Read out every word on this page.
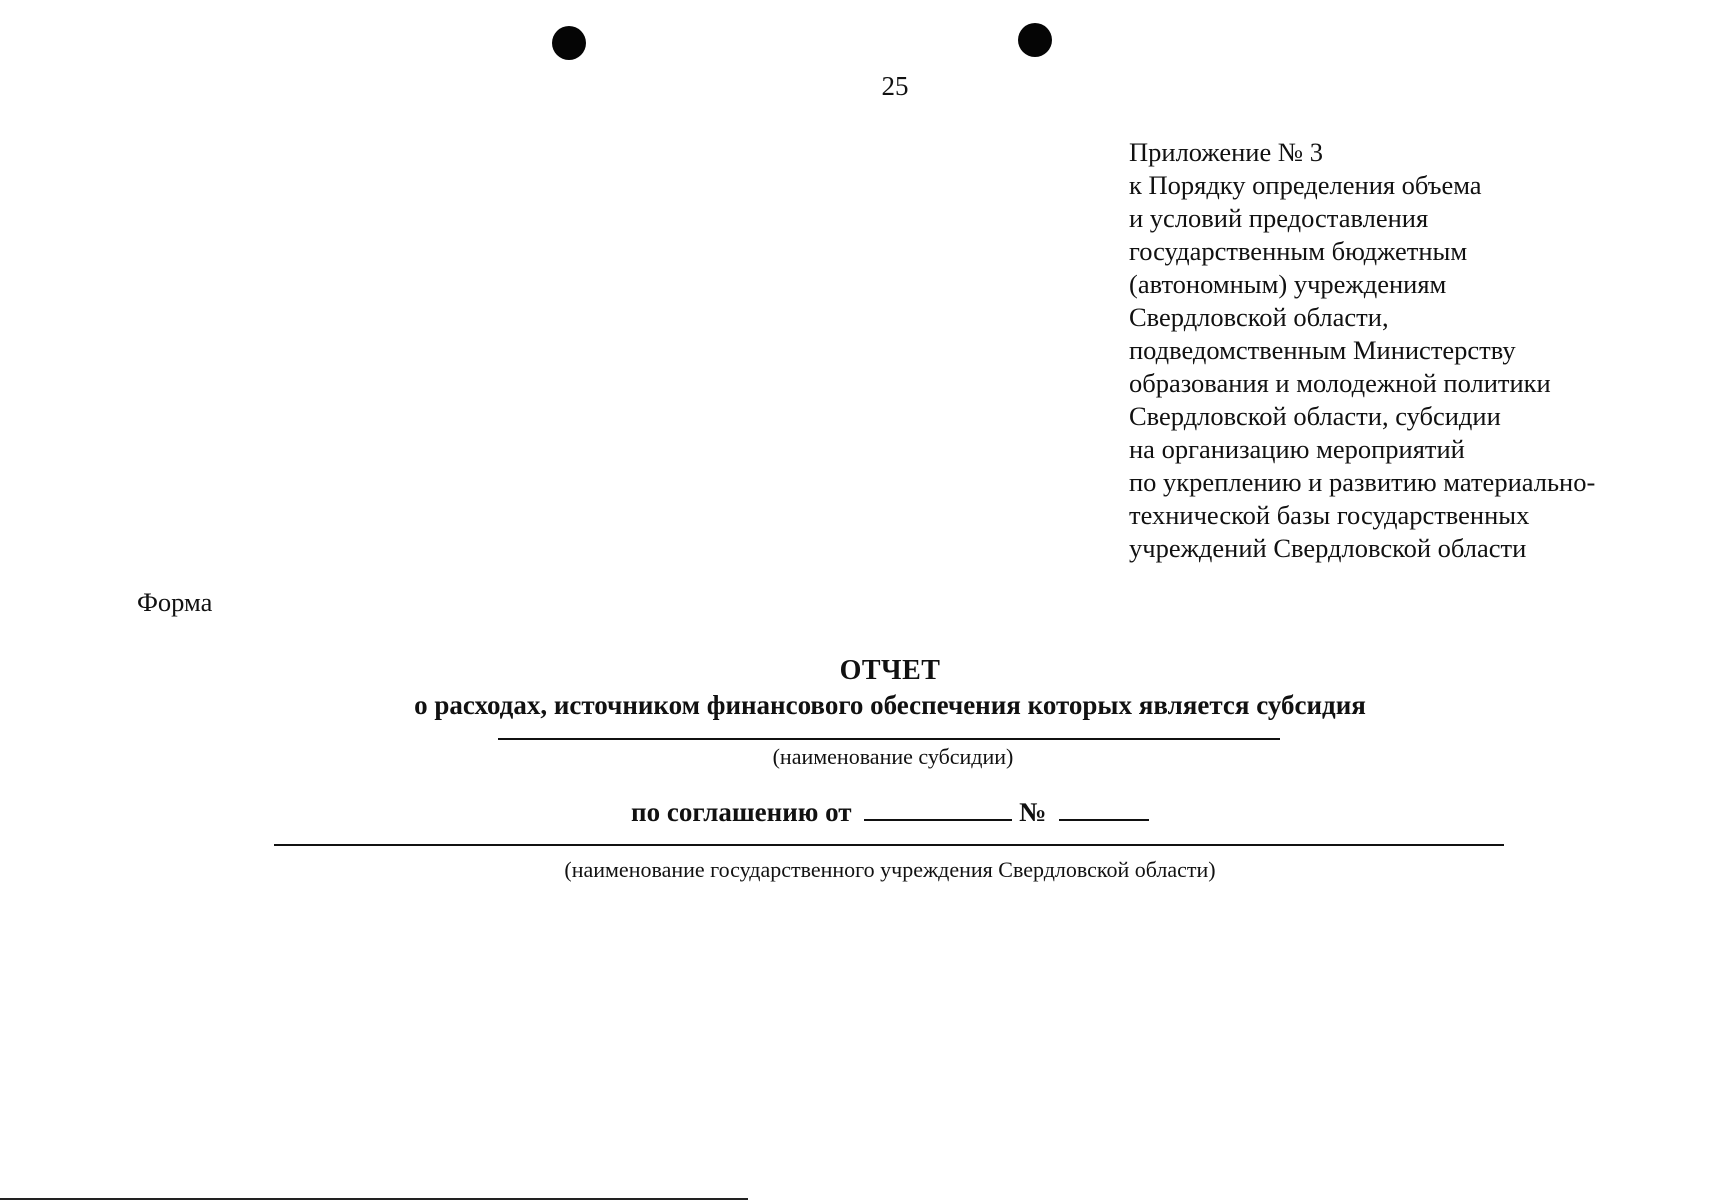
25
Приложение № 3
к Порядку определения объема
и условий предоставления
государственным бюджетным
(автономным) учреждениям
Свердловской области,
подведомственным Министерству
образования и молодежной политики
Свердловской области, субсидии
на организацию мероприятий
по укреплению и развитию материально-
технической базы государственных
учреждений Свердловской области
Форма
ОТЧЕТ
о расходах, источником финансового обеспечения которых является субсидия
(наименование субсидии)
по соглашению от	№
(наименование государственного учреждения Свердловской области)
